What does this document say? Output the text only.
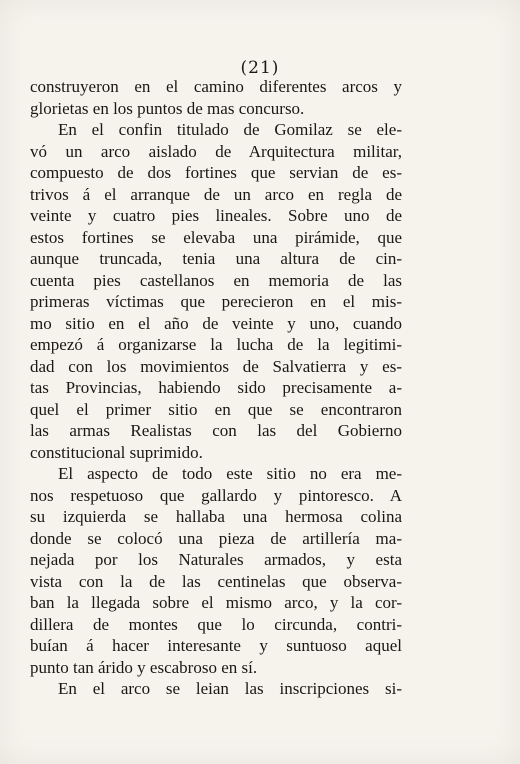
(21)
construyeron en el camino diferentes arcos y
glorietas en los puntos de mas concurso.
En el confin titulado de Gomilaz se ele-
vó un arco aislado de Arquitectura militar,
compuesto de dos fortines que servian de es-
trivos á el arranque de un arco en regla de
veinte y cuatro pies lineales. Sobre uno de
estos fortines se elevaba una pirámide, que
aunque truncada, tenia una altura de cin-
cuenta pies castellanos en memoria de las
primeras víctimas que perecieron en el mis-
mo sitio en el año de veinte y uno, cuando
empezó á organizarse la lucha de la legitimi-
dad con los movimientos de Salvatierra y es-
tas Provincias, habiendo sido precisamente a-
quel el primer sitio en que se encontraron
las armas Realistas con las del Gobierno
constitucional suprimido.
El aspecto de todo este sitio no era me-
nos respetuoso que gallardo y pintoresco. A
su izquierda se hallaba una hermosa colina
donde se colocó una pieza de artillería ma-
nejada por los Naturales armados, y esta
vista con la de las centinelas que observa-
ban la llegada sobre el mismo arco, y la cor-
dillera de montes que lo circunda, contri-
buían á hacer interesante y suntuoso aquel
punto tan árido y escabroso en sí.
En el arco se leian las inscripciones si-
